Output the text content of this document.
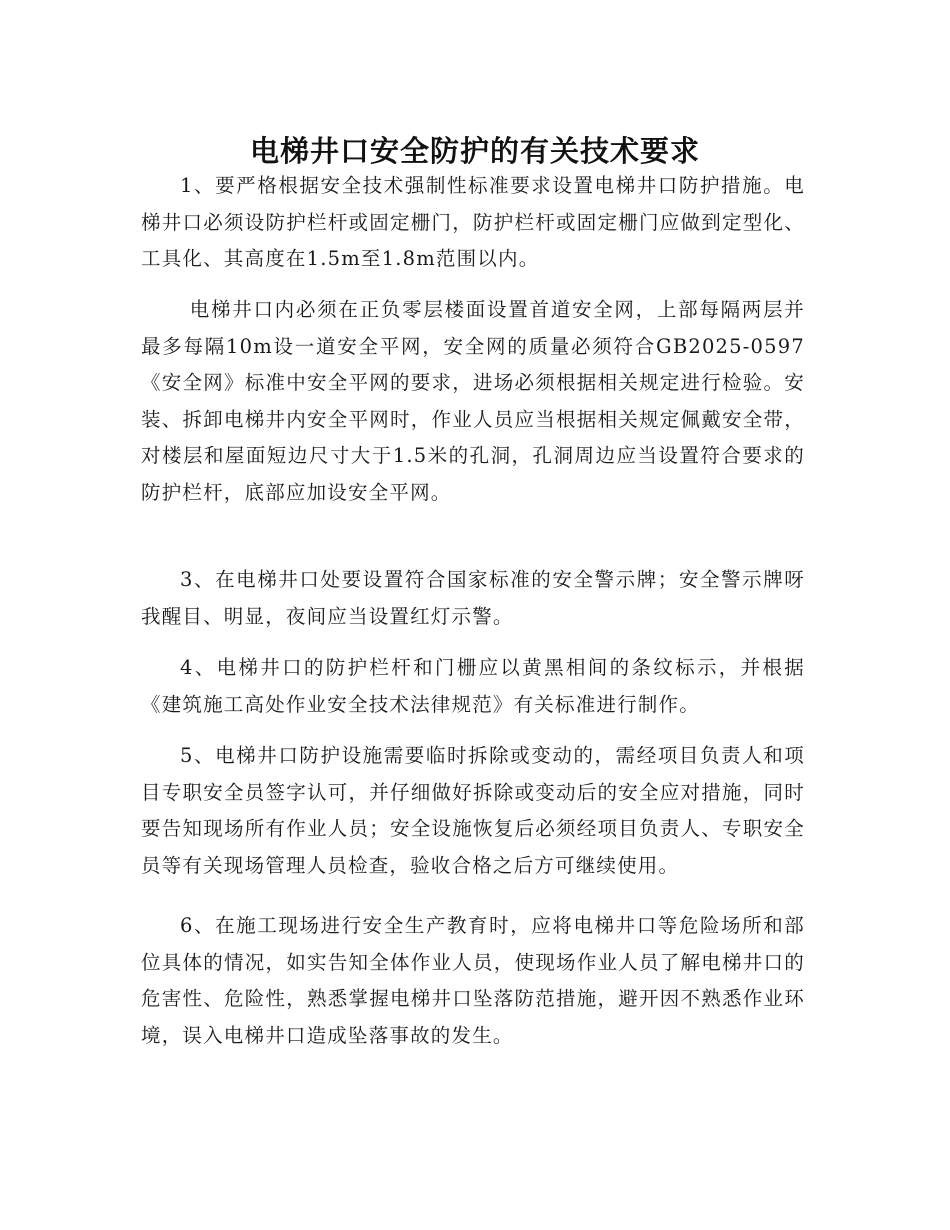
电梯井口安全防护的有关技术要求

1、要严格根据安全技术强制性标准要求设置电梯井口防护措施。电梯井口必须设防护栏杆或固定栅门，防护栏杆或固定栅门应做到定型化、工具化、其高度在1.5m至1.8m范围以内。

电梯井口内必须在正负零层楼面设置首道安全网，上部每隔两层并最多每隔10m设一道安全平网，安全网的质量必须符合GB2025-0597《安全网》标准中安全平网的要求，进场必须根据相关规定进行检验。安装、拆卸电梯井内安全平网时，作业人员应当根据相关规定佩戴安全带，对楼层和屋面短边尺寸大于1.5米的孔洞，孔洞周边应当设置符合要求的防护栏杆，底部应加设安全平网。

3、在电梯井口处要设置符合国家标准的安全警示牌；安全警示牌呀我醒目、明显，夜间应当设置红灯示警。

4、电梯井口的防护栏杆和门栅应以黄黑相间的条纹标示，并根据《建筑施工高处作业安全技术法律规范》有关标准进行制作。

5、电梯井口防护设施需要临时拆除或变动的，需经项目负责人和项目专职安全员签字认可，并仔细做好拆除或变动后的安全应对措施，同时要告知现场所有作业人员；安全设施恢复后必须经项目负责人、专职安全员等有关现场管理人员检查，验收合格之后方可继续使用。

6、在施工现场进行安全生产教育时，应将电梯井口等危险场所和部位具体的情况，如实告知全体作业人员，使现场作业人员了解电梯井口的危害性、危险性，熟悉掌握电梯井口坠落防范措施，避开因不熟悉作业环境，误入电梯井口造成坠落事故的发生。
